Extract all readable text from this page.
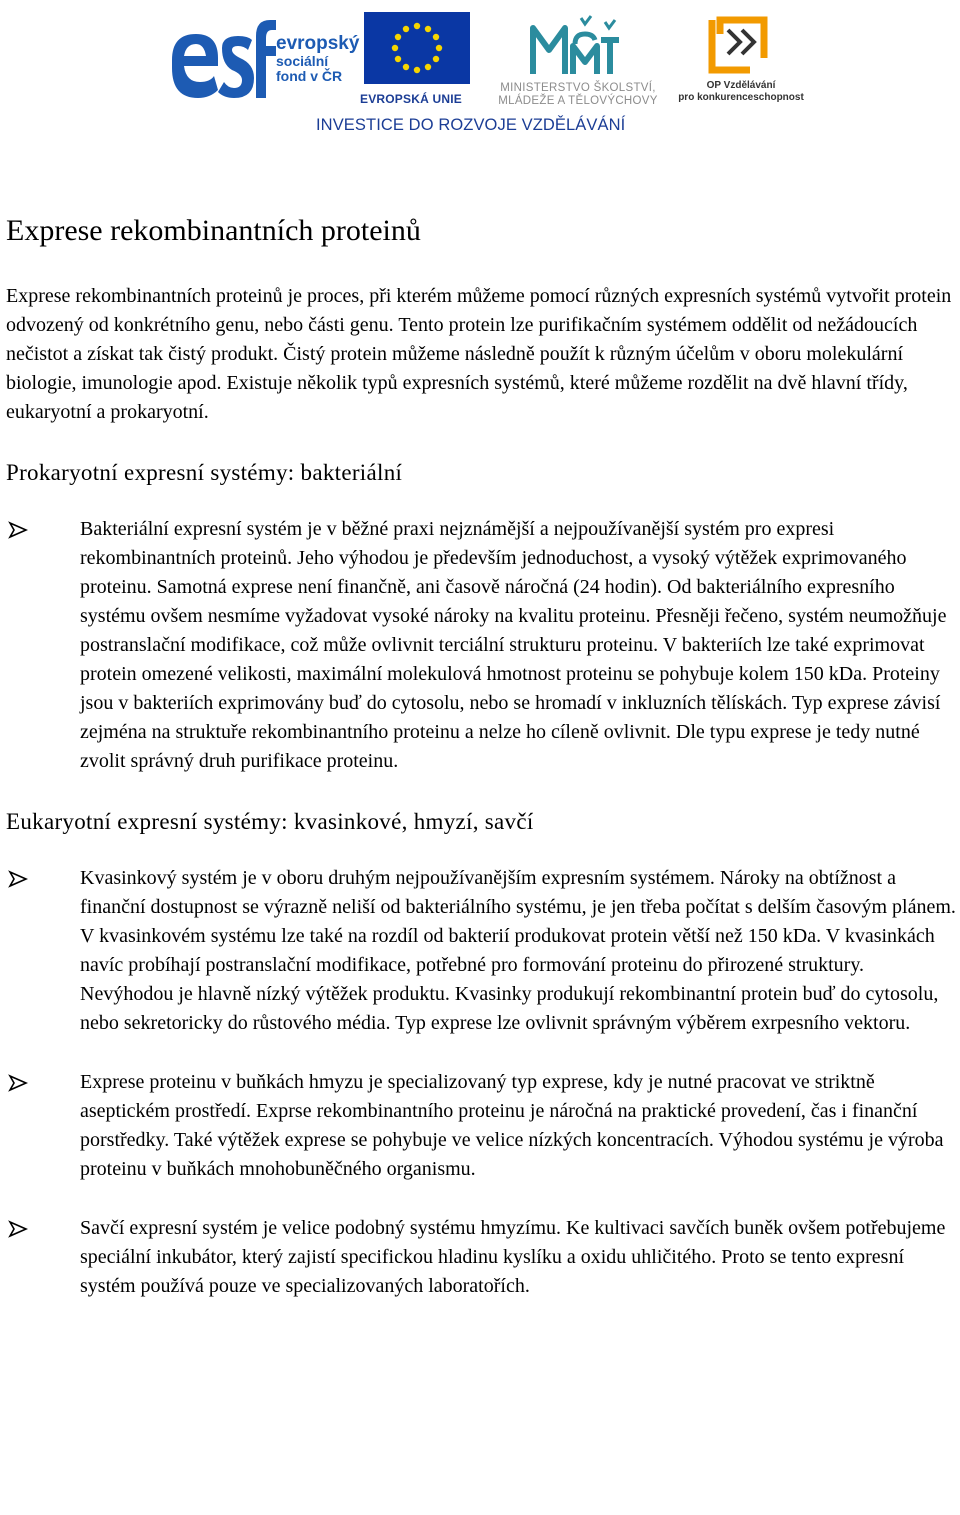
evropský
sociální
fond v ČR
EVROPSKÁ UNIE
MINISTERSTVO ŠKOLSTVÍ,
MLÁDEŽE A TĚLOVÝCHOVY
OP Vzdělávání
pro konkurenceschopnost
INVESTICE DO ROZVOJE VZDĚLÁVÁNÍ
Exprese rekombinantních proteinů

Exprese rekombinantních proteinů je proces, při kterém můžeme pomocí různých expresních systémů vytvořit protein odvozený od konkrétního genu, nebo části genu. Tento protein lze purifikačním systémem oddělit od nežádoucích nečistot a získat tak čistý produkt. Čistý protein můžeme následně použít k různým účelům v oboru molekulární biologie, imunologie apod. Existuje několik typů expresních systémů, které můžeme rozdělit na dvě hlavní třídy, eukaryotní a prokaryotní.

Prokaryotní expresní systémy: bakteriální
Bakteriální expresní systém je v běžné praxi nejznámější a nejpoužívanější systém pro expresi rekombinantních proteinů. Jeho výhodou je především jednoduchost, a vysoký výtěžek exprimovaného proteinu. Samotná exprese není finančně, ani časově náročná (24 hodin). Od bakteriálního expresního systému ovšem nesmíme vyžadovat vysoké nároky na kvalitu proteinu. Přesněji řečeno, systém neumožňuje postranslační modifikace, což může ovlivnit terciální strukturu proteinu. V bakteriích lze také exprimovat protein omezené velikosti, maximální molekulová hmotnost proteinu se pohybuje kolem 150 kDa. Proteiny jsou v bakteriích exprimovány buď do cytosolu, nebo se hromadí v inkluzních tělískách. Typ exprese závisí zejména na struktuře rekombinantního proteinu a nelze ho cíleně ovlivnit. Dle typu exprese je tedy nutné zvolit správný druh purifikace proteinu.
Eukaryotní expresní systémy: kvasinkové, hmyzí, savčí
Kvasinkový systém je v oboru druhým nejpoužívanějším expresním systémem. Nároky na obtížnost a finanční dostupnost se výrazně neliší od bakteriálního systému, je jen třeba počítat s delším časovým plánem. V kvasinkovém systému lze také na rozdíl od bakterií produkovat protein větší než 150 kDa. V kvasinkách navíc probíhají postranslační modifikace, potřebné pro formování proteinu do přirozené struktury. Nevýhodou je hlavně nízký výtěžek produktu. Kvasinky produkují rekombinantní protein buď do cytosolu, nebo sekretoricky do růstového média. Typ exprese lze ovlivnit správným výběrem exrpesního vektoru.
Exprese proteinu v buňkách hmyzu je specializovaný typ exprese, kdy je nutné pracovat ve striktně aseptickém prostředí. Exprse rekombinantního proteinu je náročná na praktické provedení, čas i finanční porstředky. Také výtěžek exprese se pohybuje ve velice nízkých koncentracích. Výhodou systému je výroba proteinu v buňkách mnohobuněčného organismu.
Savčí expresní systém je velice podobný systému hmyzímu. Ke kultivaci savčích buněk ovšem potřebujeme speciální inkubátor, který zajistí specifickou hladinu kyslíku a oxidu uhličitého. Proto se tento expresní systém používá pouze ve specializovaných laboratořích.
